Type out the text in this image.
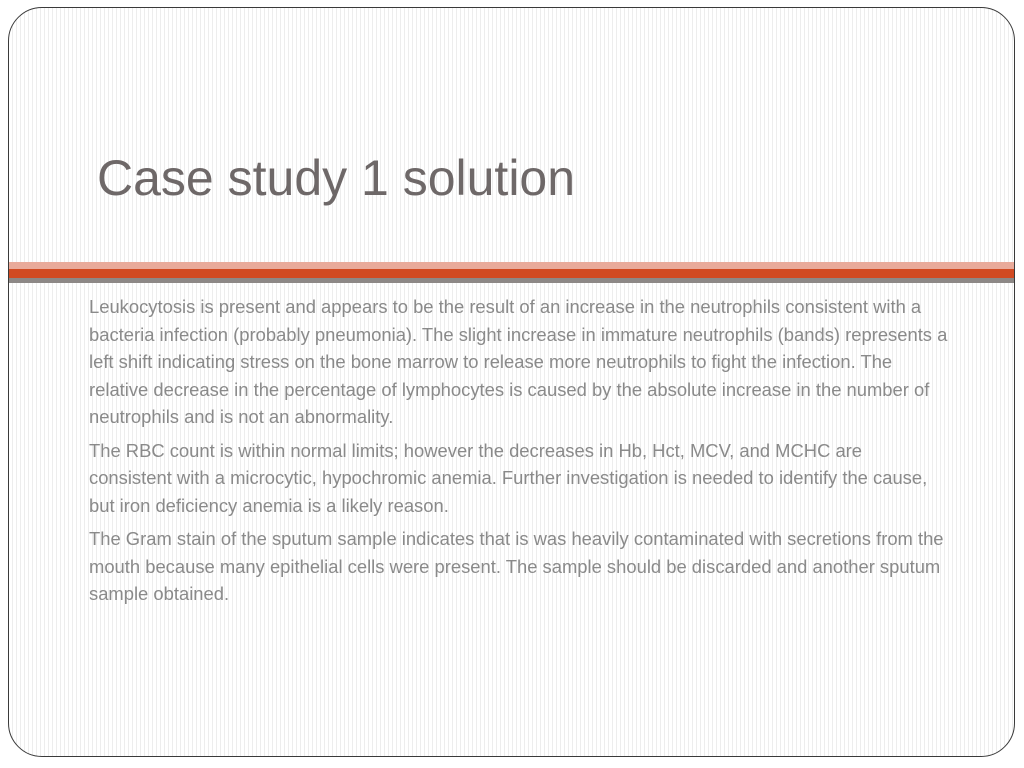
Case study 1 solution

Leukocytosis is present and appears to be the result of an increase in the neutrophils consistent with a bacteria infection (probably pneumonia). The slight increase in immature neutrophils (bands) represents a left shift indicating stress on the bone marrow to release more neutrophils to fight the infection. The relative decrease in the percentage of lymphocytes is caused by the absolute increase in the number of neutrophils and is not an abnormality.

The RBC count is within normal limits; however the decreases in Hb, Hct, MCV, and MCHC are consistent with a microcytic, hypochromic anemia. Further investigation is needed to identify the cause, but iron deficiency anemia is a likely reason.

The Gram stain of the sputum sample indicates that is was heavily contaminated with secretions from the mouth because many epithelial cells were present. The sample should be discarded and another sputum sample obtained.
